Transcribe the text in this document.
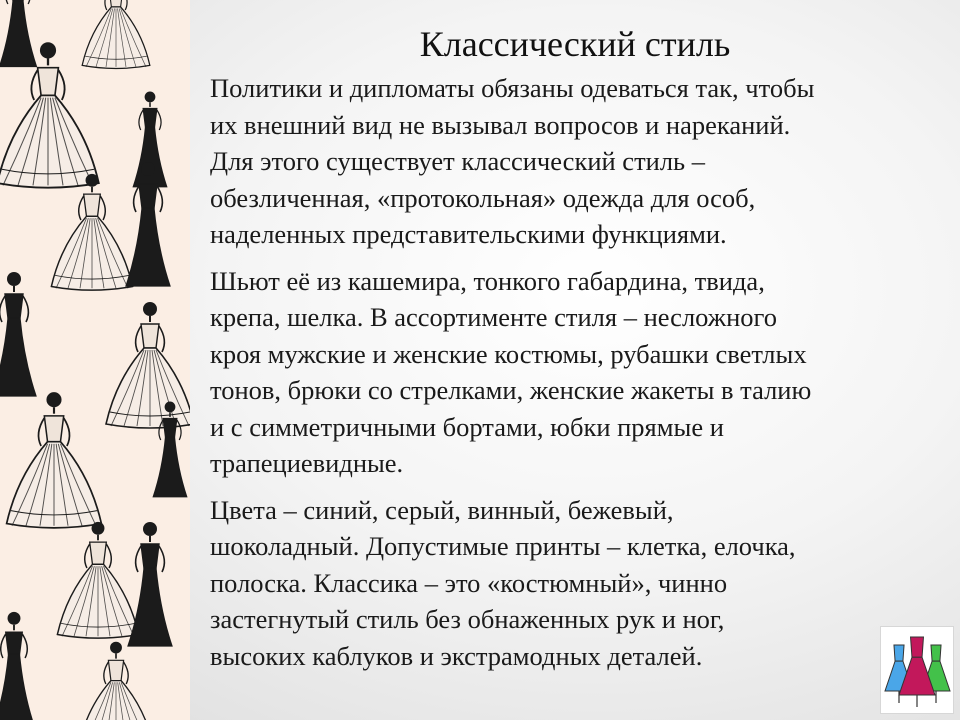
Классический стиль
Политики и дипломаты обязаны одеваться так, чтобы
их внешний вид не вызывал вопросов и нареканий.
Для этого существует классический стиль –
обезличенная, «протокольная» одежда для особ,
наделенных представительскими функциями.
Шьют её из кашемира, тонкого габардина, твида,
крепа, шелка. В ассортименте стиля – несложного
кроя мужские и женские костюмы, рубашки светлых
тонов, брюки со стрелками, женские жакеты в талию
и с симметричными бортами, юбки прямые и
трапециевидные.
Цвета – синий, серый, винный, бежевый,
шоколадный. Допустимые принты – клетка, елочка,
полоска. Классика – это «костюмный», чинно
застегнутый стиль без обнаженных рук и ног,
высоких каблуков и экстрамодных деталей.
